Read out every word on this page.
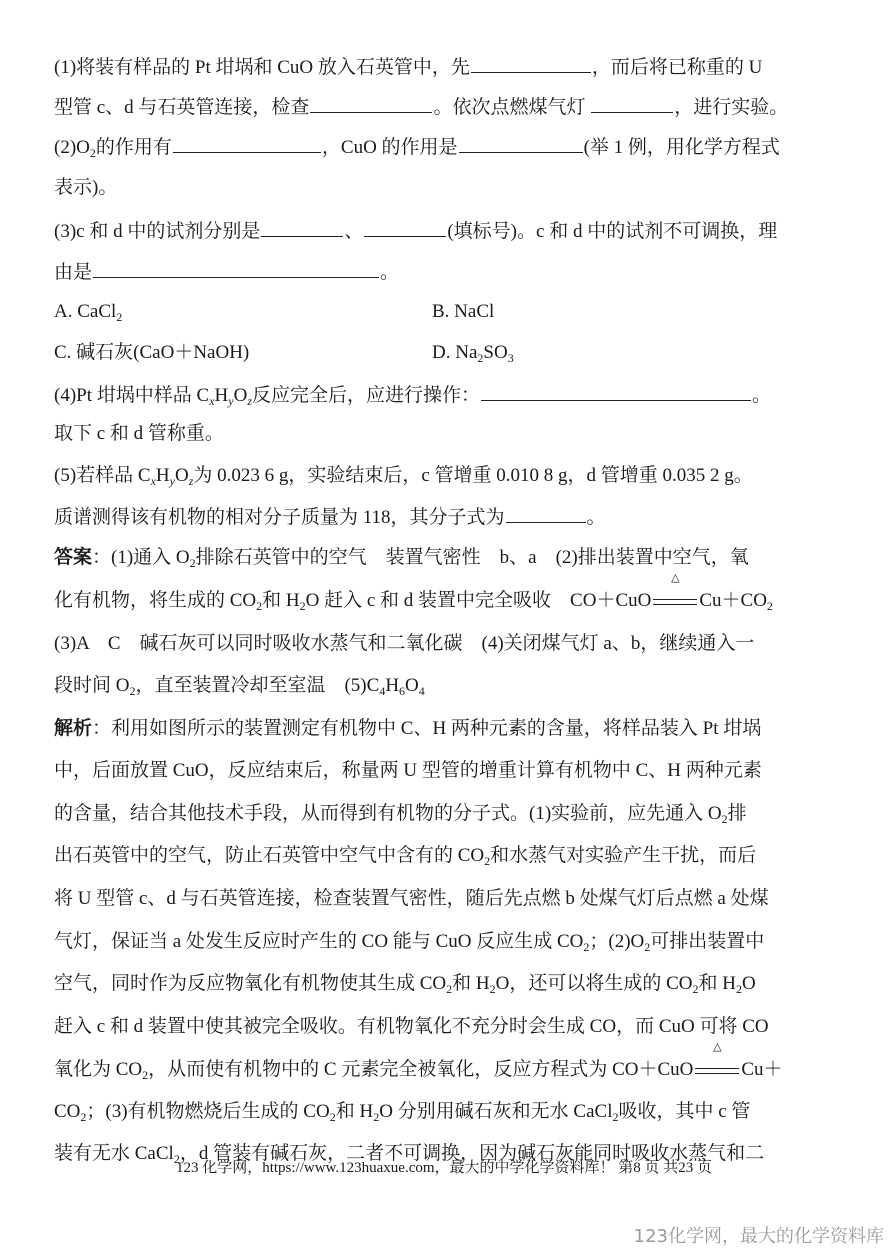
(1)将装有样品的 Pt 坩埚和 CuO 放入石英管中，先	，而后将已称重的 U
型管 c、d 与石英管连接，检查	。依次点燃煤气灯	，进行实验。
$(2)O_2$的作用有	，CuO 的作用是	(举 1 例，用化学方程式
表示)。
(3)c 和 d 中的试剂分别是	、	(填标号)。c 和 d 中的试剂不可调换，理
由是	。
A. CaCl$_2$	B. NaCl
C. 碱石灰(CaO＋NaOH)	D. $Na_2SO_3$
(4)Pt 坩埚中样品 $C_xH_yO_z$反应完全后，应进行操作：	。
取下 c 和 d 管称重。
(5)若样品 $C_xH_yO_z$为 0.023 6 g，实验结束后，c 管增重 0.010 8 g，d 管增重 0.035 2 g。
质谱测得该有机物的相对分子质量为 118，其分子式为	。
答案：(1)通入 $O_2$排除石英管中的空气　装置气密性　b、a　(2)排出装置中空气，氧
化有机物，将生成的 $CO_2$和 $H_2O$ 赶入 c 和 d 装置中完全吸收　CO＋CuO
△
$Cu+CO_2$
(3)A　C　碱石灰可以同时吸收水蒸气和二氧化碳　(4)关闭煤气灯 a、b，继续通入一
段时间 $O_2$，直至装置冷却至室温　$(5)C_4H_6O_4$
解析：利用如图所示的装置测定有机物中 C、H 两种元素的含量，将样品装入 Pt 坩埚
中，后面放置 CuO，反应结束后，称量两 U 型管的增重计算有机物中 C、H 两种元素
的含量，结合其他技术手段，从而得到有机物的分子式。(1)实验前，应先通入 $O_2$排
出石英管中的空气，防止石英管中空气中含有的 $CO_2$和水蒸气对实验产生干扰，而后
将 U 型管 c、d 与石英管连接，检查装置气密性，随后先点燃 b 处煤气灯后点燃 a 处煤
气灯，保证当 a 处发生反应时产生的 CO 能与 CuO 反应生成 $CO_2$；$(2)O_2$可排出装置中
空气，同时作为反应物氧化有机物使其生成 $CO_2$和 $H_2O$，还可以将生成的 $CO_2$和 $H_2O$
赶入 c 和 d 装置中使其被完全吸收。有机物氧化不充分时会生成 CO，而 CuO 可将 CO
氧化为 $CO_2$，从而使有机物中的 C 元素完全被氧化，反应方程式为 CO＋CuO
△
Cu＋
$CO_2$；(3)有机物燃烧后生成的 $CO_2$和 $H_2O$ 分别用碱石灰和无水 CaCl$_2$吸收，其中 c 管
装有无水 CaCl$_2$，d 管装有碱石灰，二者不可调换，因为碱石灰能同时吸收水蒸气和二
123 化学网，https://www.123huaxue.com，最大的中学化学资料库！ 第8 页 共23 页
123化学网，最大的化学资料库
